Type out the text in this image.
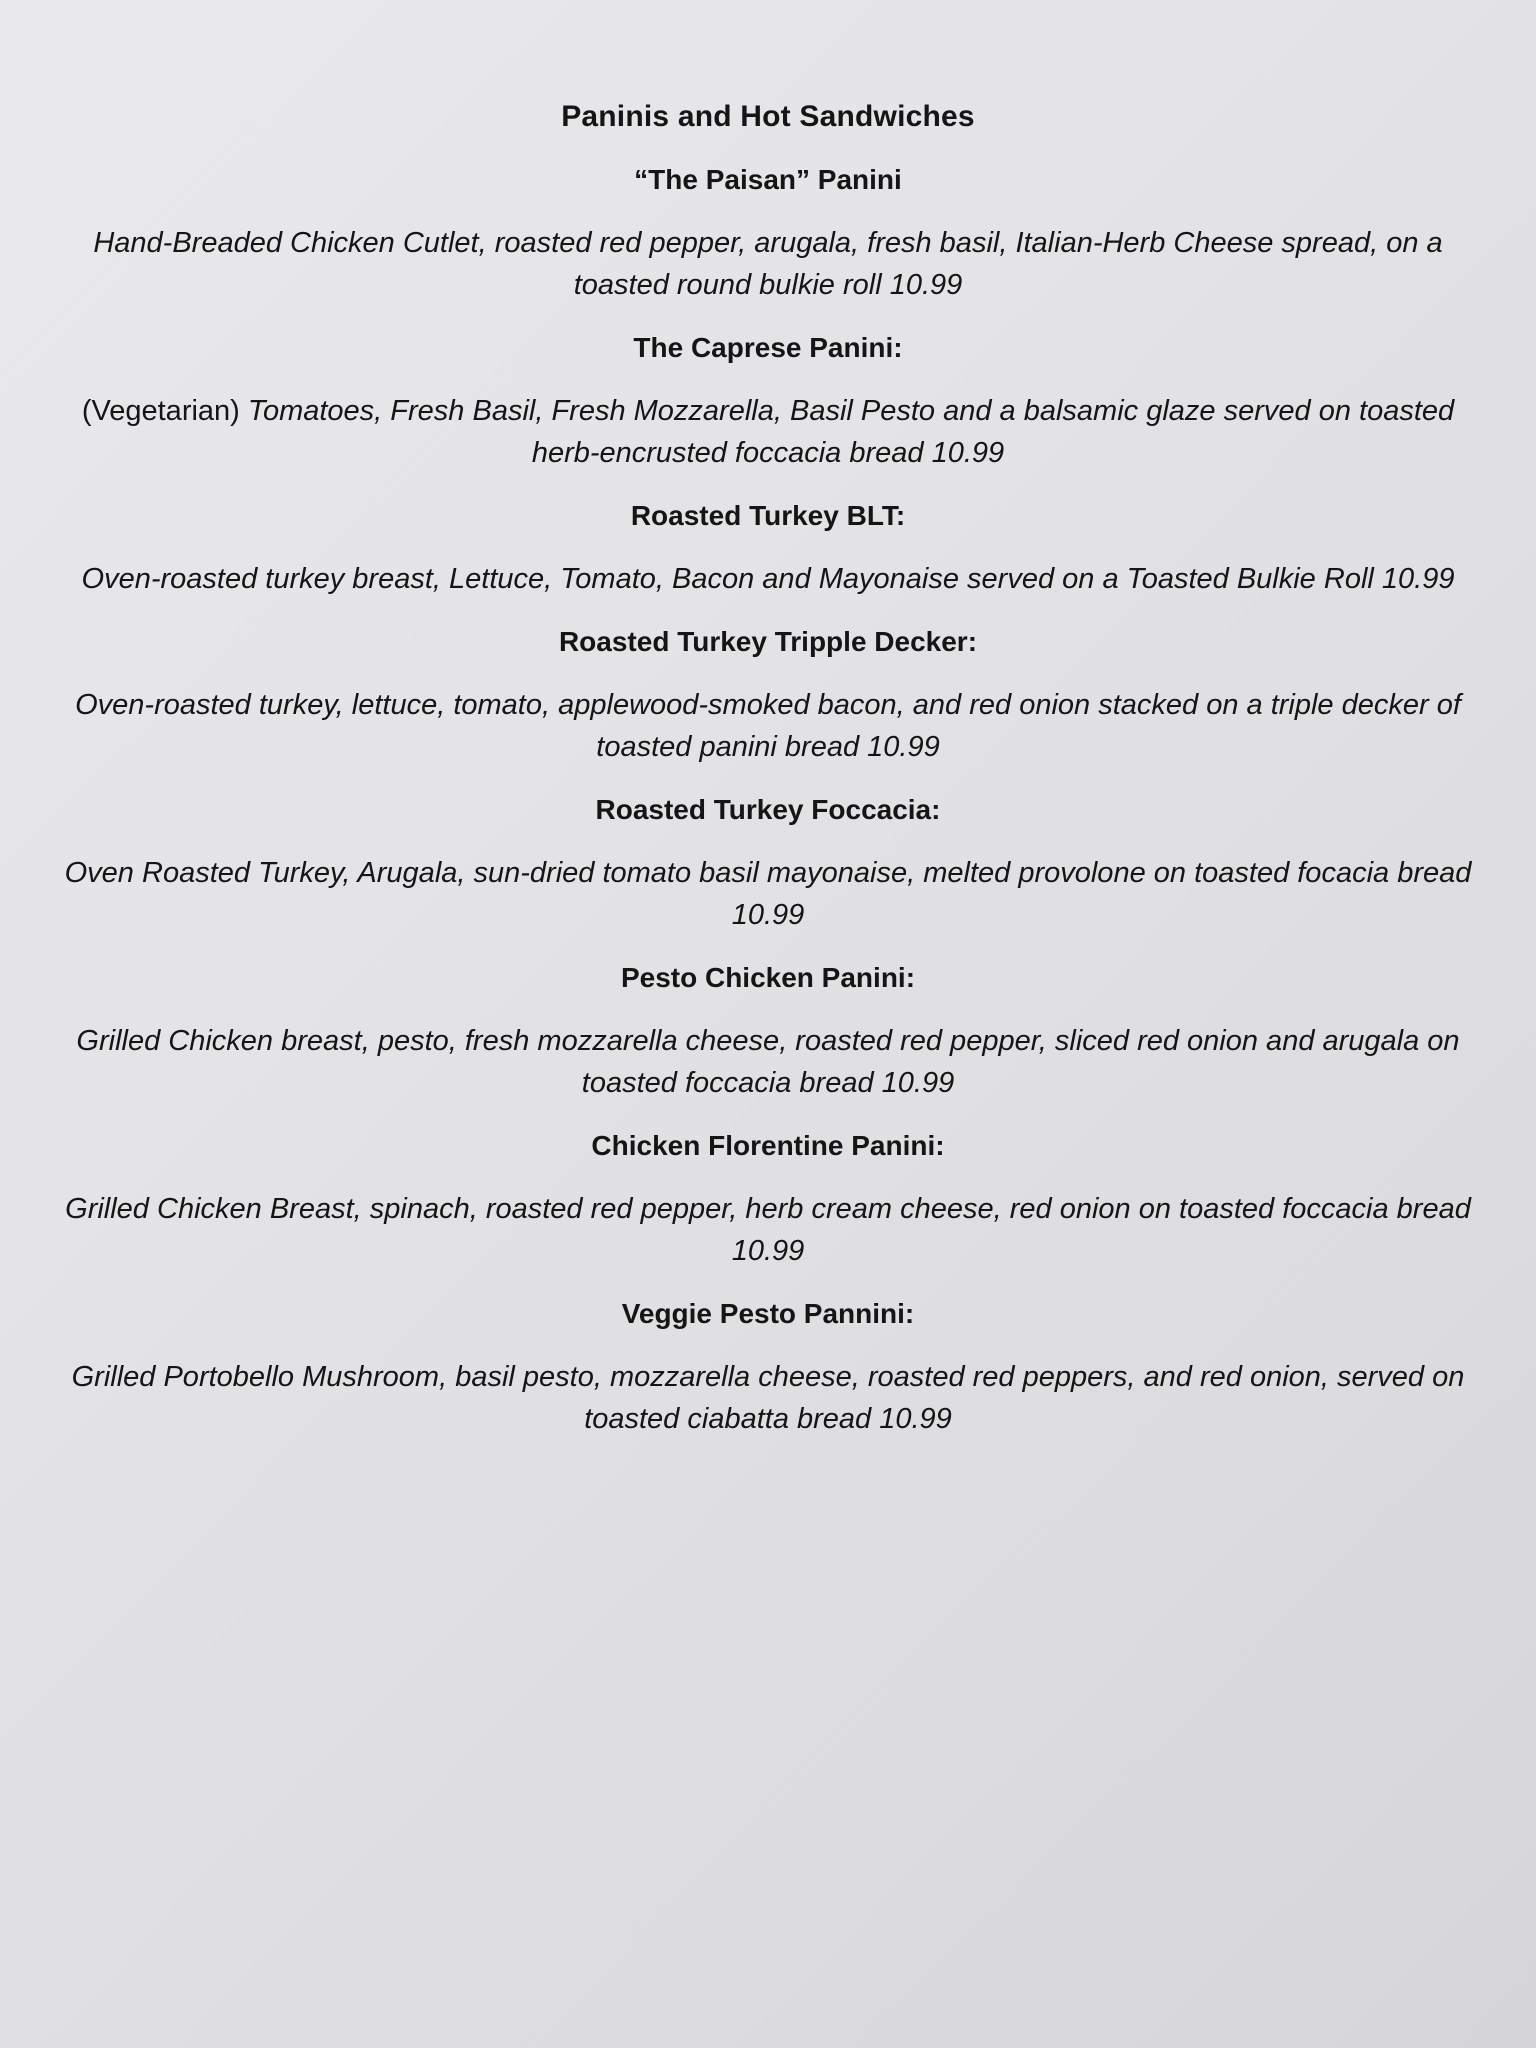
Paninis and Hot Sandwiches
“The Paisan” Panini

Hand-Breaded Chicken Cutlet, roasted red pepper, arugala, fresh basil, Italian-Herb Cheese spread, on a toasted round bulkie roll 10.99

The Caprese Panini:

(Vegetarian) Tomatoes, Fresh Basil, Fresh Mozzarella, Basil Pesto and a balsamic glaze served on toasted herb-encrusted foccacia bread 10.99

Roasted Turkey BLT:

Oven-roasted turkey breast, Lettuce, Tomato, Bacon and Mayonaise served on a Toasted Bulkie Roll 10.99

Roasted Turkey Tripple Decker:

Oven-roasted turkey, lettuce, tomato, applewood-smoked bacon, and red onion stacked on a triple decker of toasted panini bread 10.99

Roasted Turkey Foccacia:

Oven Roasted Turkey, Arugala, sun-dried tomato basil mayonaise, melted provolone on toasted focacia bread 10.99

Pesto Chicken Panini:

Grilled Chicken breast, pesto, fresh mozzarella cheese, roasted red pepper, sliced red onion and arugala on toasted foccacia bread 10.99

Chicken Florentine Panini:

Grilled Chicken Breast, spinach, roasted red pepper, herb cream cheese, red onion on toasted foccacia bread 10.99

Veggie Pesto Pannini:

Grilled Portobello Mushroom, basil pesto, mozzarella cheese, roasted red peppers, and red onion, served on toasted ciabatta bread 10.99
